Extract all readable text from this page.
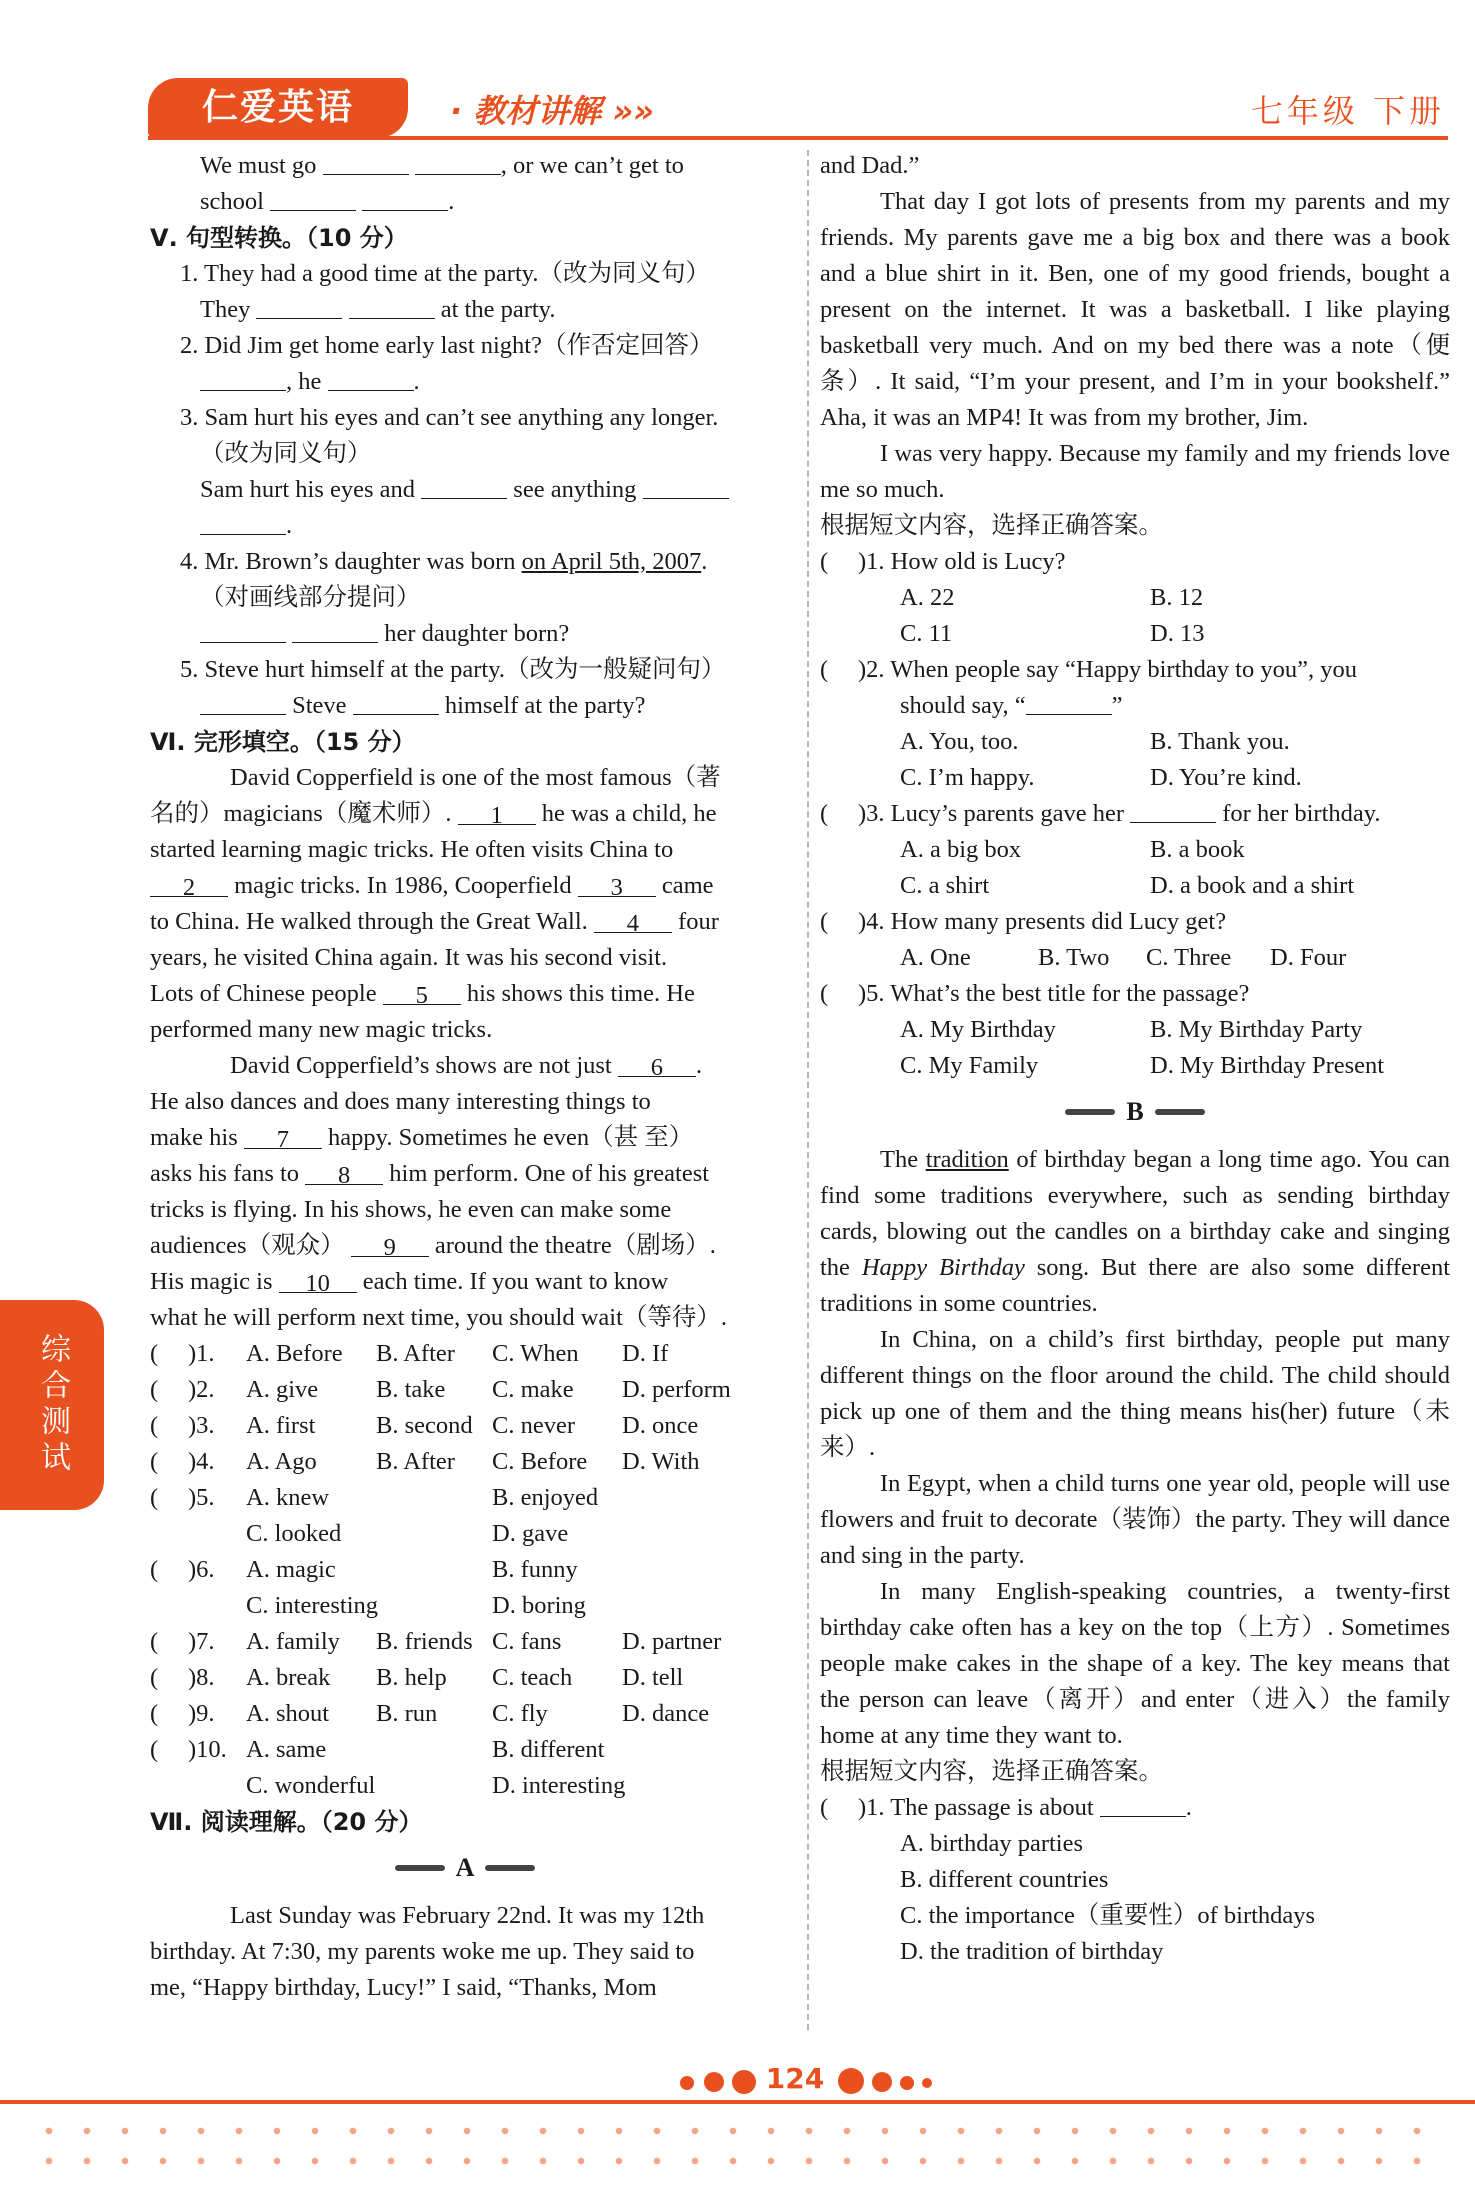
仁爱英语	· 教材讲解 »»	七年级 下册
综合测试
We must go	, or we can’t get to
school	.
Ⅴ. 句型转换。（10 分）
1. They had a good time at the party.（改为同义句）
They	at the party.
2. Did Jim get home early last night?（作否定回答）
, he	.
3. Sam hurt his eyes and can’t see anything any longer.
（改为同义句）
Sam hurt his eyes and	see anything
.
4. Mr. Brown’s daughter was born on April 5th, 2007.
（对画线部分提问）
her daughter born?
5. Steve hurt himself at the party.（改为一般疑问句）
Steve	himself at the party?
Ⅵ. 完形填空。（15 分）
David Copperfield is one of the most famous（著
名的）magicians（魔术师）. 1 he was a child, he
started learning magic tricks. He often visits China to
2 magic tricks. In 1986, Cooperfield 3 came
to China. He walked through the Great Wall. 4 four
years, he visited China again. It was his second visit.
Lots of Chinese people 5 his shows this time. He
performed many new magic tricks.
David Copperfield’s shows are not just 6 .
He also dances and does many interesting things to
make his 7 happy. Sometimes he even（甚 至）
asks his fans to 8 him perform. One of his greatest
tricks is flying. In his shows, he even can make some
audiences（观众） 9 around the theatre（剧场）.
His magic is 10 each time. If you want to know
what he will perform next time, you should wait（等待）.
(	)1.	A. Before	B. After	C. When	D. If
(	)2.	A. give	B. take	C. make	D. perform
(	)3.	A. first	B. second C. never	D. once
(	)4.	A. Ago	B. After	C. Before	D. With
(	)5.	A. knew	B. enjoyed
C. looked	D. gave
(	)6.	A. magic	B. funny
C. interesting	D. boring
(	)7.	A. family	B. friends C. fans	D. partner
(	)8.	A. break	B. help	C. teach	D. tell
(	)9.	A. shout	B. run	C. fly	D. dance
(	)10. A. same	B. different
C. wonderful	D. interesting
Ⅶ. 阅读理解。（20 分）
A
Last Sunday was February 22nd. It was my 12th
birthday. At 7:30, my parents woke me up. They said to
me, “Happy birthday, Lucy!” I said, “Thanks, Mom
and Dad.”
That day I got lots of presents from my parents and my friends. My parents gave me a big box and there was a book and a blue shirt in it. Ben, one of my good friends, bought a present on the internet. It was a basketball. I like playing basketball very much. And on my bed there was a note（便条）. It said, “I’m your present, and I’m in your bookshelf.” Aha, it was an MP4! It was from my brother, Jim.
I was very happy. Because my family and my friends love me so much.
根据短文内容，选择正确答案。
(	)1. How old is Lucy?
A. 22	B. 12
C. 11	D. 13
(	)2. When people say “Happy birthday to you”, you
should say, “	”
A. You, too.	B. Thank you.
C. I’m happy.	D. You’re kind.
(	)3. Lucy’s parents gave her

	for her birthday.
A. a big box	B. a book
C. a shirt	D. a book and a shirt
(	)4. How many presents did Lucy get?
A. One	B. Two	C. Three	D. Four
(	)5. What’s the best title for the passage?
A. My Birthday	B. My Birthday Party
C. My Family	D. My Birthday Present
B
The tradition of birthday began a long time ago. You can find some traditions everywhere, such as sending birthday cards, blowing out the candles on a birthday cake and singing the Happy Birthday song. But there are also some different traditions in some countries.
In China, on a child’s first birthday, people put many different things on the floor around the child. The child should pick up one of them and the thing means his(her) future（未来）.
In Egypt, when a child turns one year old, people will use flowers and fruit to decorate（装饰）the party. They will dance and sing in the party.
In many English-speaking countries, a twenty-first birthday cake often has a key on the top（上方）. Sometimes people make cakes in the shape of a key. The key means that the person can leave（离开）and enter（进入）the family home at any time they want to.
根据短文内容，选择正确答案。
(	)1. The passage is about
	.
A. birthday parties
B. different countries
C. the importance（重要性）of birthdays
D. the tradition of birthday
124
